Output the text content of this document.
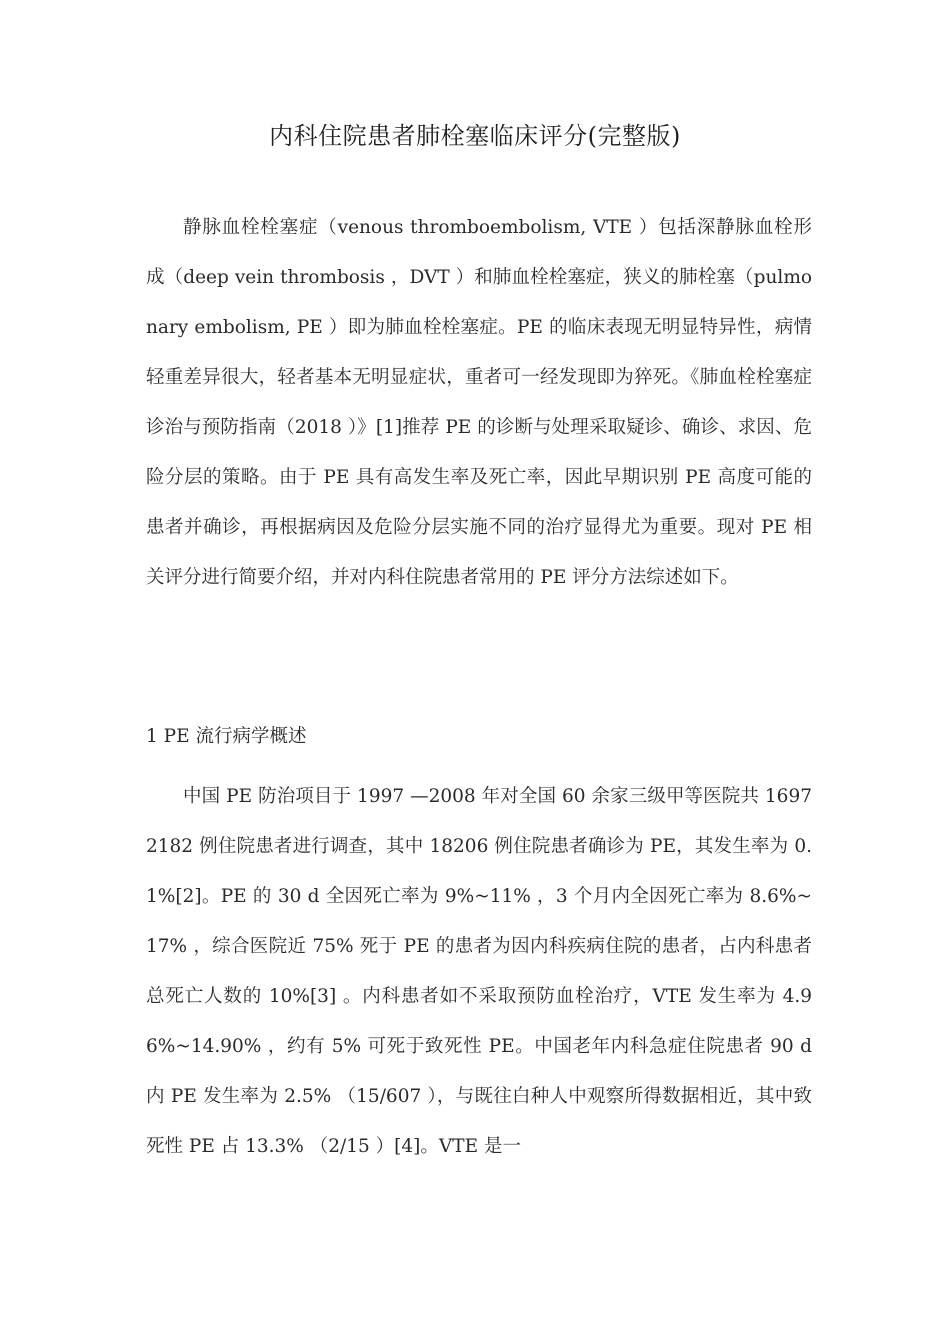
内科住院患者肺栓塞临床评分(完整版)
静脉血栓栓塞症（venous thromboembolism, VTE ）包括深静脉血栓形成（deep vein thrombosis ，DVT ）和肺血栓栓塞症，狭义的肺栓塞（pulmonary embolism, PE ）即为肺血栓栓塞症。PE 的临床表现无明显特异性，病情轻重差异很大，轻者基本无明显症状，重者可一经发现即为猝死。《肺血栓栓塞症诊治与预防指南（2018 ）》[1]推荐 PE 的诊断与处理采取疑诊、确诊、求因、危险分层的策略。由于 PE 具有高发生率及死亡率，因此早期识别 PE 高度可能的患者并确诊，再根据病因及危险分层实施不同的治疗显得尤为重要。现对 PE 相关评分进行简要介绍，并对内科住院患者常用的 PE 评分方法综述如下。
1 PE 流行病学概述
中国 PE 防治项目于 1997 —2008 年对全国 60 余家三级甲等医院共 16972182 例住院患者进行调查，其中 18206 例住院患者确诊为 PE，其发生率为 0.1%[2]。PE 的 30 d 全因死亡率为 9%~11% ，3 个月内全因死亡率为 8.6%~17% ，综合医院近 75% 死于 PE 的患者为因内科疾病住院的患者，占内科患者总死亡人数的 10%[3] 。内科患者如不采取预防血栓治疗，VTE 发生率为 4.96%~14.90% ，约有 5% 可死于致死性 PE。中国老年内科急症住院患者 90 d 内 PE 发生率为 2.5% （15/607 ），与既往白种人中观察所得数据相近，其中致死性 PE 占 13.3% （2/15 ）[4]。VTE 是一
